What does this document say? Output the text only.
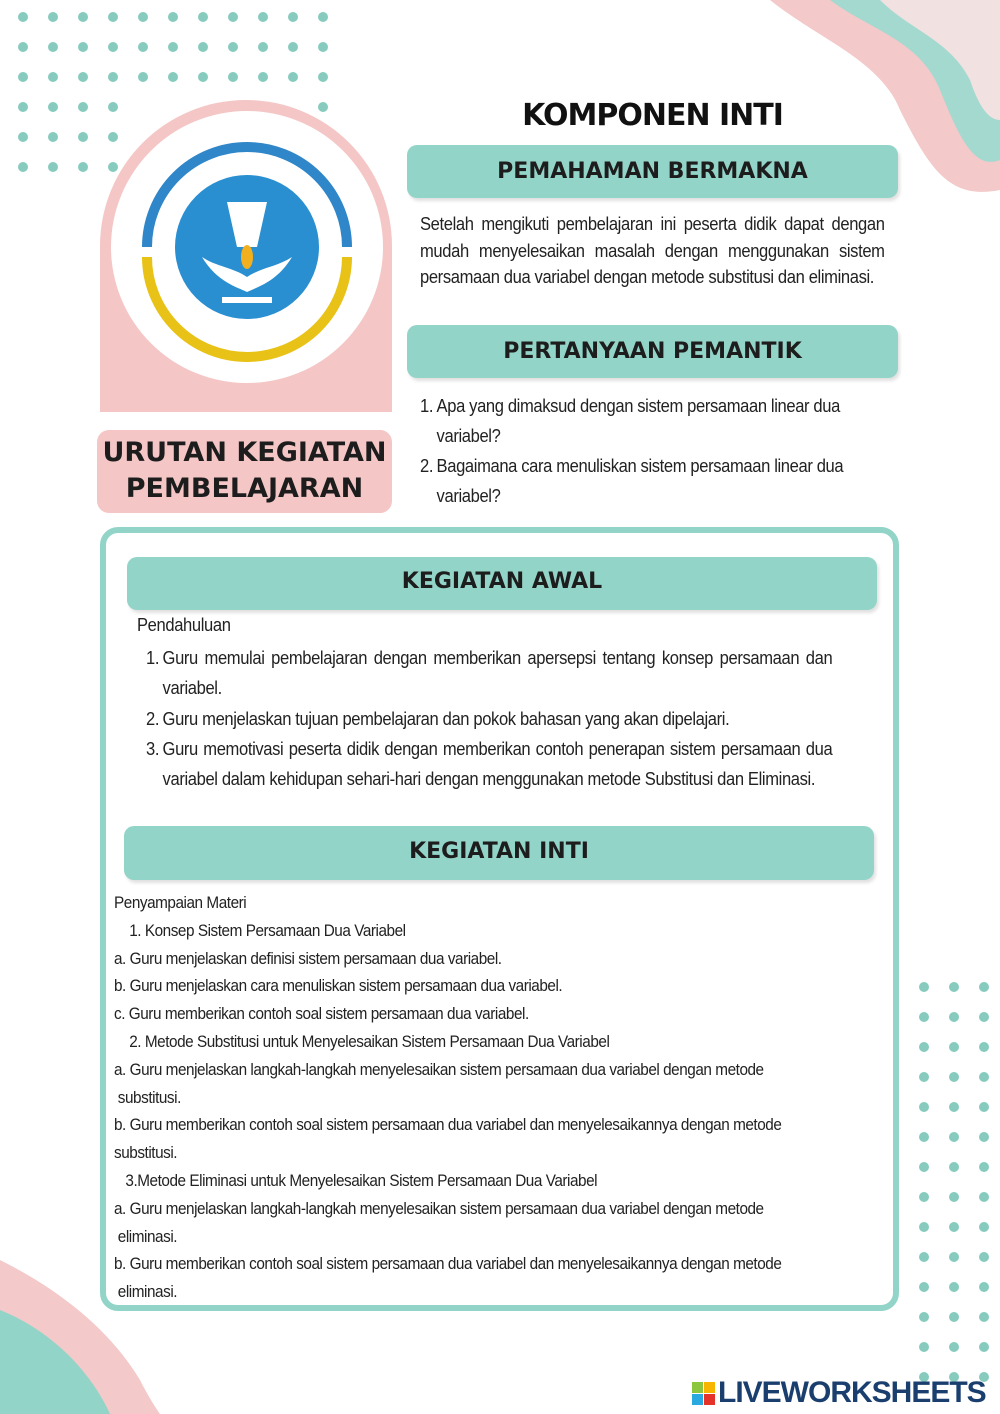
URUTAN KEGIATAN
PEMBELAJARAN
KOMPONEN INTI
PEMAHAMAN BERMAKNA
Setelah mengikuti pembelajaran ini peserta didik dapat dengan mudah menyelesaikan masalah dengan menggunakan sistem persamaan dua variabel dengan metode substitusi dan eliminasi.
PERTANYAAN PEMANTIK
1. Apa yang dimaksud dengan sistem persamaan linear dua variabel?
2. Bagaimana cara menuliskan sistem persamaan linear dua variabel?
KEGIATAN AWAL
Pendahuluan
1. Guru memulai pembelajaran dengan memberikan apersepsi tentang konsep persamaan dan variabel.
2. Guru menjelaskan tujuan pembelajaran dan pokok bahasan yang akan dipelajari.
3. Guru memotivasi peserta didik dengan memberikan contoh penerapan sistem persamaan dua variabel dalam kehidupan sehari-hari dengan menggunakan metode Substitusi dan Eliminasi.
KEGIATAN INTI
Penyampaian Materi
1. Konsep Sistem Persamaan Dua Variabel
a. Guru menjelaskan definisi sistem persamaan dua variabel.
b. Guru menjelaskan cara menuliskan sistem persamaan dua variabel.
c. Guru memberikan contoh soal sistem persamaan dua variabel.
2. Metode Substitusi untuk Menyelesaikan Sistem Persamaan Dua Variabel
a. Guru menjelaskan langkah-langkah menyelesaikan sistem persamaan dua variabel dengan metode
substitusi.
b. Guru memberikan contoh soal sistem persamaan dua variabel dan menyelesaikannya dengan metode
substitusi.
3.Metode Eliminasi untuk Menyelesaikan Sistem Persamaan Dua Variabel
a. Guru menjelaskan langkah-langkah menyelesaikan sistem persamaan dua variabel dengan metode
eliminasi.
b. Guru memberikan contoh soal sistem persamaan dua variabel dan menyelesaikannya dengan metode
eliminasi.
LIVEWORKSHEETS
